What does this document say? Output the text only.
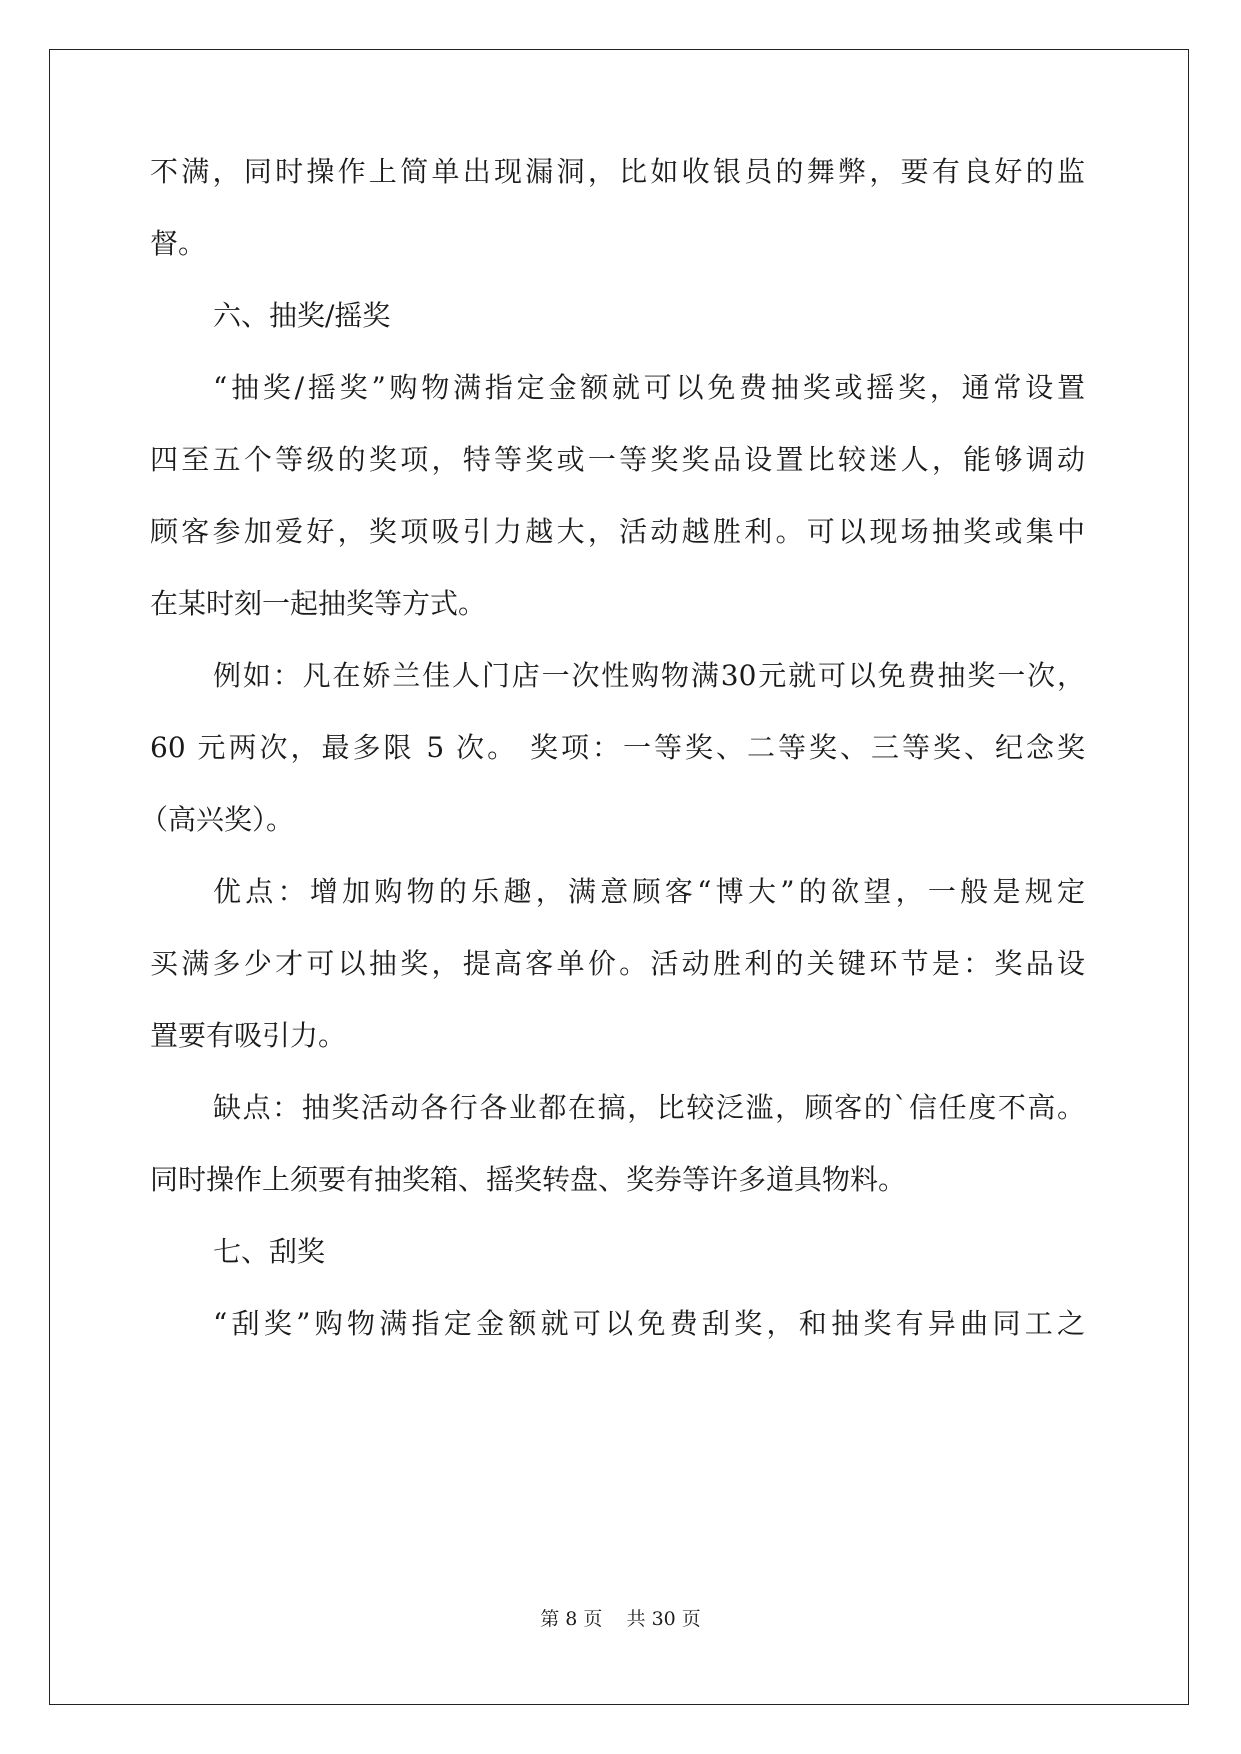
不满，同时操作上简单出现漏洞，比如收银员的舞弊，要有良好的监
督。
六、抽奖/摇奖
“抽奖/摇奖”购物满指定金额就可以免费抽奖或摇奖，通常设置
四至五个等级的奖项，特等奖或一等奖奖品设置比较迷人，能够调动
顾客参加爱好，奖项吸引力越大，活动越胜利。可以现场抽奖或集中
在某时刻一起抽奖等方式。
例如：凡在娇兰佳人门店一次性购物满30元就可以免费抽奖一次，
60 元两次，最多限 5 次。 奖项：一等奖、二等奖、三等奖、纪念奖
（高兴奖）。
优点：增加购物的乐趣，满意顾客“博大”的欲望，一般是规定
买满多少才可以抽奖，提高客单价。活动胜利的关键环节是：奖品设
置要有吸引力。
缺点：抽奖活动各行各业都在搞，比较泛滥，顾客的`信任度不高。
同时操作上须要有抽奖箱、摇奖转盘、奖券等许多道具物料。
七、刮奖
“刮奖”购物满指定金额就可以免费刮奖，和抽奖有异曲同工之
第 8 页    共 30 页
